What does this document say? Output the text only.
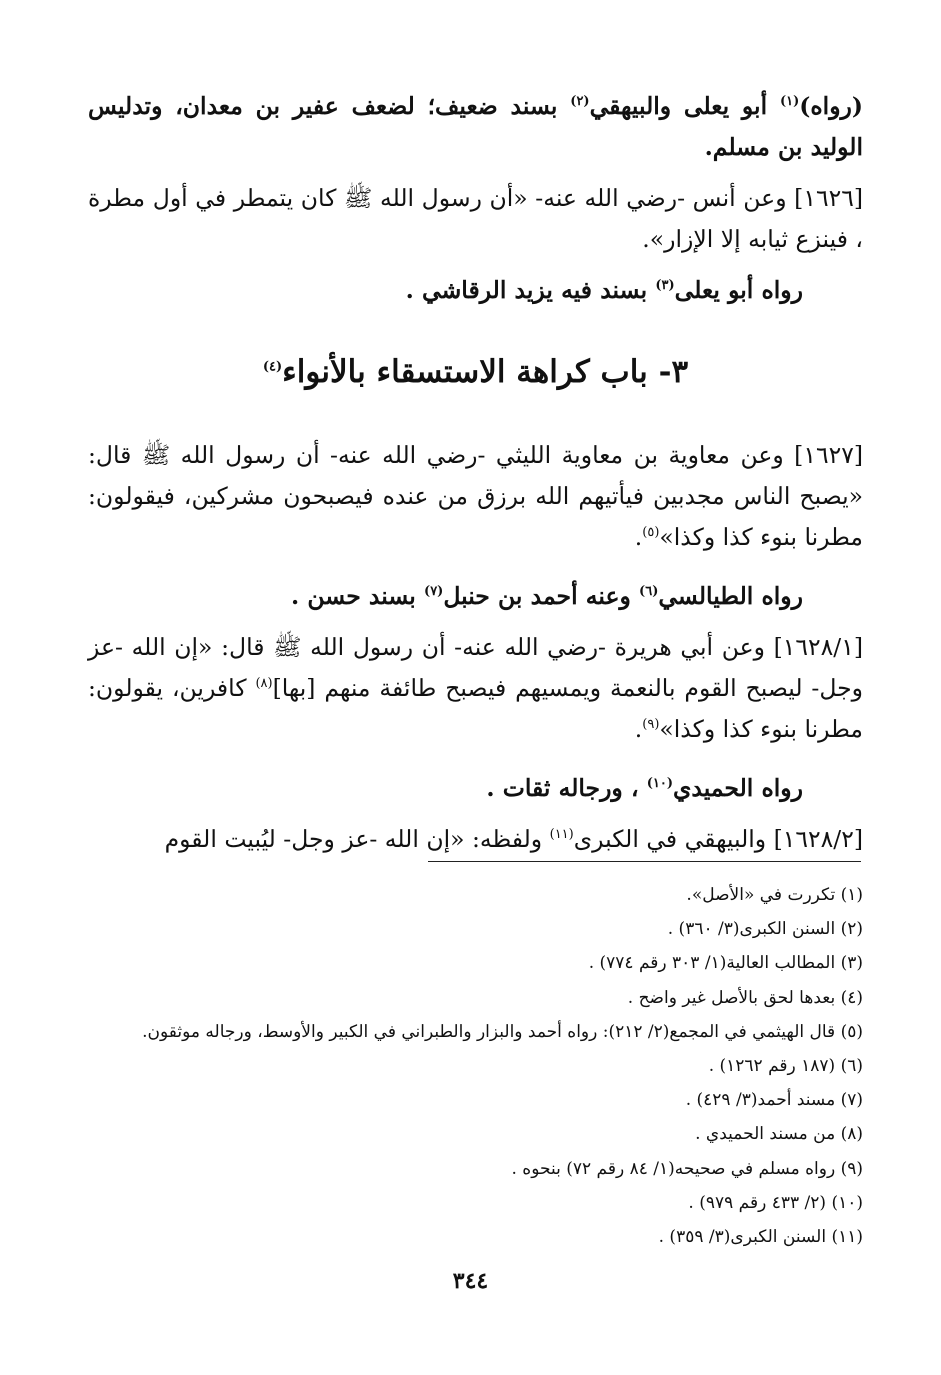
(رواه)$^{(١)}$ أبو يعلى والبيهقي$^{(٢)}$ بسند ضعيف؛ لضعف عفير بن معدان، وتدليس الوليد بن مسلم.

[١٦٢٦] وعن أنس -رضي الله عنه- «أن رسول الله ﷺ كان يتمطر في أول مطرة ، فينزع ثيابه إلا الإزار».

رواه أبو يعلى$^{(٣)}$ بسند فيه يزيد الرقاشي .

٣- باب كراهة الاستسقاء بالأنواء$^{(٤)}$

[١٦٢٧] وعن معاوية بن معاوية الليثي -رضي الله عنه- أن رسول الله ﷺ قال: «يصبح الناس مجدبين فيأتيهم الله برزق من عنده فيصبحون مشركين، فيقولون: مطرنا بنوء كذا وكذا»$^{(٥)}$.

رواه الطيالسي$^{(٦)}$ وعنه أحمد بن حنبل$^{(٧)}$ بسند حسن .

[١٦٢٨/١] وعن أبي هريرة -رضي الله عنه- أن رسول الله ﷺ قال: «إن الله -عز وجل- ليصبح القوم بالنعمة ويمسيهم فيصبح طائفة منهم [بها]$^{(٨)}$ كافرين، يقولون: مطرنا بنوء كذا وكذا»$^{(٩)}$.

رواه الحميدي$^{(١٠)}$ ، ورجاله ثقات .

[١٦٢٨/٢] والبيهقي في الكبرى$^{(١١)}$ ولفظه: «إن الله -عز وجل- ليُبيت القوم

(١) تكررت في «الأصل».
(٢) السنن الكبرى(٣/ ٣٦٠) .
(٣) المطالب العالية(١/ ٣٠٣ رقم ٧٧٤) .
(٤) بعدها لحق بالأصل غير واضح .
(٥) قال الهيثمي في المجمع(٢/ ٢١٢): رواه أحمد والبزار والطبراني في الكبير والأوسط، ورجاله موثقون.
(٦) (١٨٧ رقم ١٢٦٢) .
(٧) مسند أحمد(٣/ ٤٢٩) .
(٨) من مسند الحميدي .
(٩) رواه مسلم في صحيحه(١/ ٨٤ رقم ٧٢) بنحوه .
(١٠) (٢/ ٤٣٣ رقم ٩٧٩) .
(١١) السنن الكبرى(٣/ ٣٥٩) .
٣٤٤
